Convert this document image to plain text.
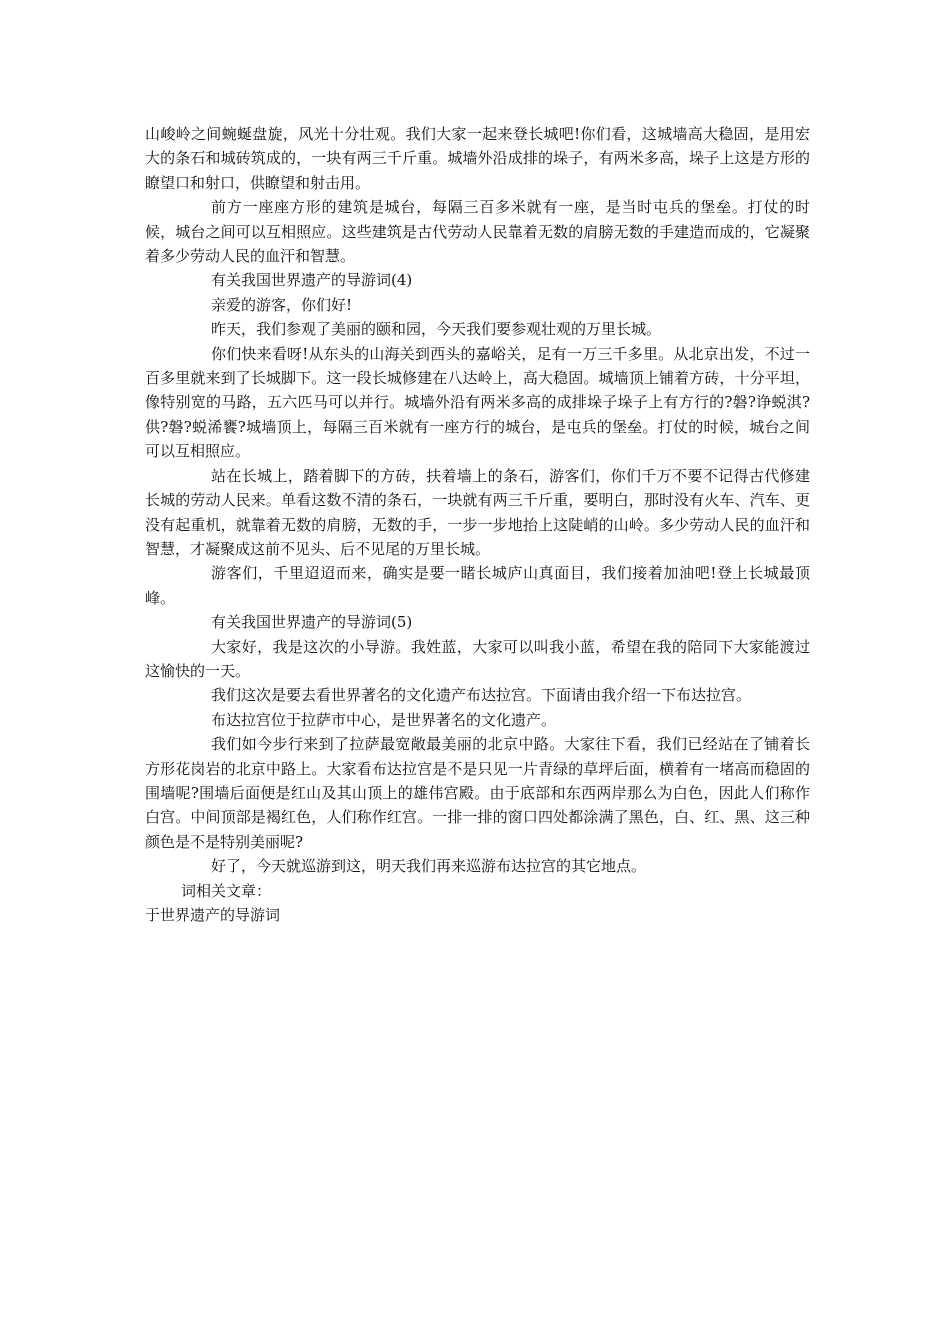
山峻岭之间蜿蜒盘旋，风光十分壮观。我们大家一起来登长城吧!你们看，这城墙高大稳固，是用宏大的条石和城砖筑成的，一块有两三千斤重。城墙外沿成排的垛子，有两米多高，垛子上这是方形的瞭望口和射口，供瞭望和射击用。

前方一座座方形的建筑是城台，每隔三百多米就有一座，是当时屯兵的堡垒。打仗的时候，城台之间可以互相照应。这些建筑是古代劳动人民靠着无数的肩膀无数的手建造而成的，它凝聚着多少劳动人民的血汗和智慧。

有关我国世界遗产的导游词(4)

亲爱的游客，你们好!

昨天，我们参观了美丽的颐和园，今天我们要参观壮观的万里长城。

你们快来看呀!从东头的山海关到西头的嘉峪关，足有一万三千多里。从北京出发，不过一百多里就来到了长城脚下。这一段长城修建在八达岭上，高大稳固。城墙顶上铺着方砖，十分平坦，像特别宽的马路，五六匹马可以并行。城墙外沿有两米多高的成排垛子垛子上有方行的?磐?诤蜕淇?供?磐?蜕浠饔?城墙顶上，每隔三百米就有一座方行的城台，是屯兵的堡垒。打仗的时候，城台之间可以互相照应。

站在长城上，踏着脚下的方砖，扶着墙上的条石，游客们，你们千万不要不记得古代修建长城的劳动人民来。单看这数不清的条石，一块就有两三千斤重，要明白，那时没有火车、汽车、更没有起重机，就靠着无数的肩膀，无数的手，一步一步地抬上这陡峭的山岭。多少劳动人民的血汗和智慧，才凝聚成这前不见头、后不见尾的万里长城。

游客们，千里迢迢而来，确实是要一睹长城庐山真面目，我们接着加油吧!登上长城最顶峰。

有关我国世界遗产的导游词(5)

大家好，我是这次的小导游。我姓蓝，大家可以叫我小蓝，希望在我的陪同下大家能渡过这愉快的一天。

我们这次是要去看世界著名的文化遗产布达拉宫。下面请由我介绍一下布达拉宫。

布达拉宫位于拉萨市中心，是世界著名的文化遗产。

我们如今步行来到了拉萨最宽敞最美丽的北京中路。大家往下看，我们已经站在了铺着长方形花岗岩的北京中路上。大家看布达拉宫是不是只见一片青绿的草坪后面，横着有一堵高而稳固的围墙呢?围墙后面便是红山及其山顶上的雄伟宫殿。由于底部和东西两岸那么为白色，因此人们称作白宫。中间顶部是褐红色，人们称作红宫。一排一排的窗口四处都涂满了黑色，白、红、黑、这三种颜色是不是特别美丽呢?

好了，今天就巡游到这，明天我们再来巡游布达拉宫的其它地点。

词相关文章：

于世界遗产的导游词
